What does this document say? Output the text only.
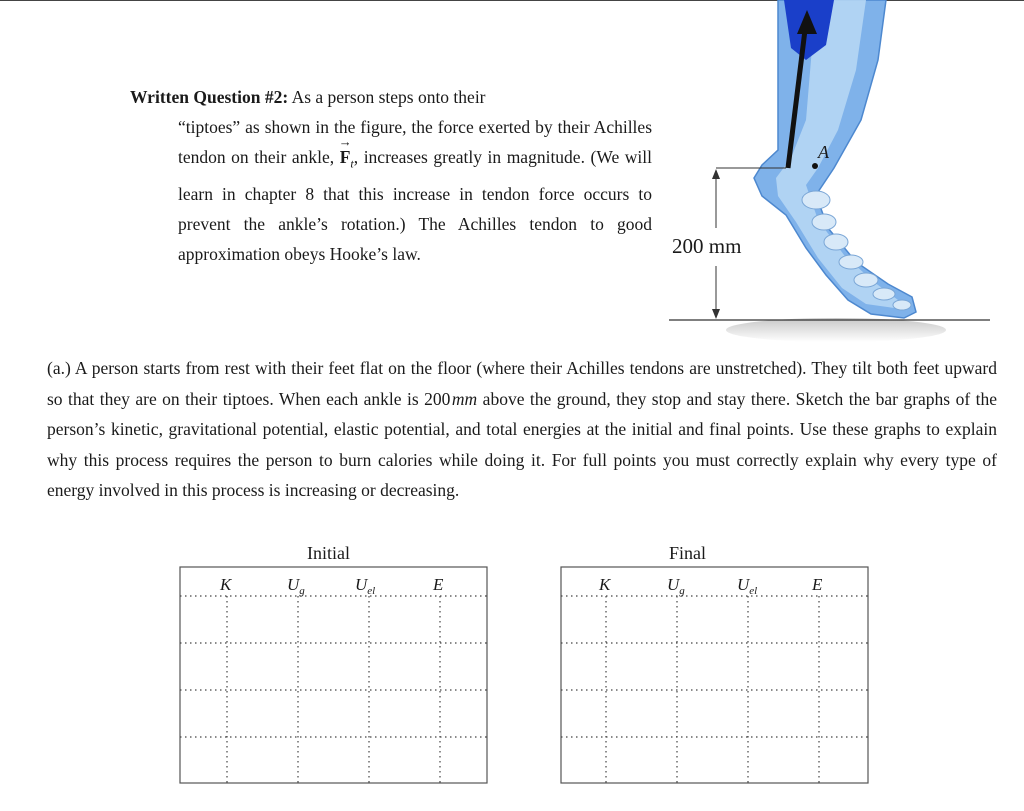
Written Question #2: As a person steps onto their
“tiptoes” as shown in the figure, the force exerted by their Achilles tendon on their ankle, → $F_t$, increases greatly in magnitude. (We will learn in chapter 8 that this increase in tendon force occurs to prevent the ankle’s rotation.) The Achilles tendon to good approximation obeys Hooke’s law.
A
200 mm
(a.) A person starts from rest with their feet flat on the floor (where their Achilles tendons are unstretched). They tilt both feet upward so that they are on their tiptoes. When each ankle is 200 mm above the ground, they stop and stay there. Sketch the bar graphs of the person’s kinetic, gravitational potential, elastic potential, and total energies at the initial and final points. Use these graphs to explain why this process requires the person to burn calories while doing it. For full points you must correctly explain why every type of energy involved in this process is increasing or decreasing.
Initial
K	$U_g$	$U_{el}$	E
Final
K	$U_g$	$U_{el}$	E
